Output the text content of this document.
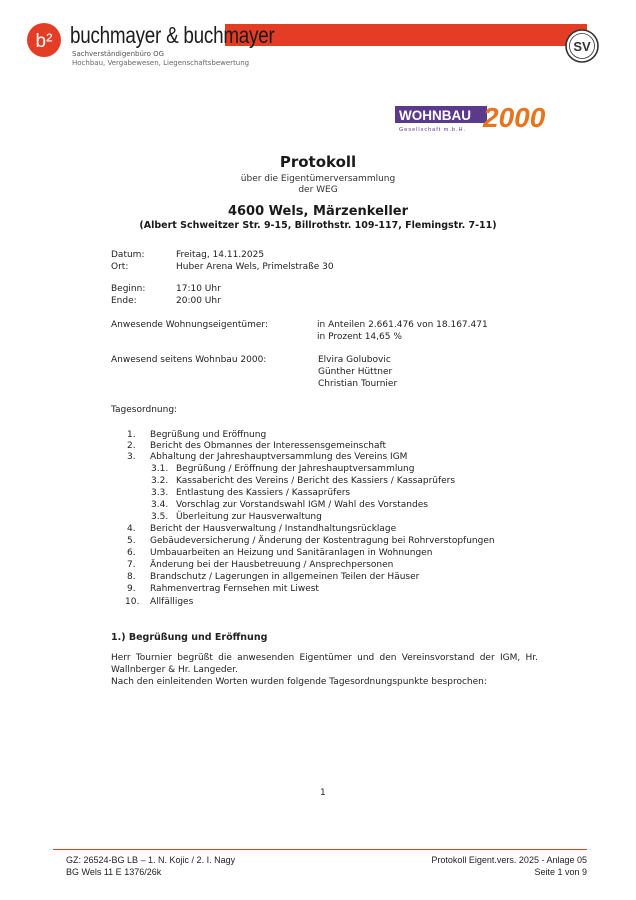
b² buchmayer & buchmayer
Sachverständigenbüro OG
Hochbau, Vergabewesen, Liegenschaftsbewertung
SV
WOHNBAU 2000
Gesellschaft m.b.H.
Protokoll
über die Eigentümerversammlung
der WEG
4600 Wels, Märzenkeller
(Albert Schweitzer Str. 9-15, Billrothstr. 109-117, Flemingstr. 7-11)
Datum:	Freitag, 14.11.2025
Ort:	Huber Arena Wels, Primelstraße 30
Beginn:	17:10 Uhr
Ende:	20:00 Uhr
Anwesende Wohnungseigentümer:	in Anteilen 2.661.476 von 18.167.471
in Prozent 14,65 %
Anwesend seitens Wohnbau 2000:	Elvira Golubovic
Günther Hüttner
Christian Tournier
Tagesordnung:
1. Begrüßung und Eröffnung
2. Bericht des Obmannes der Interessensgemeinschaft
3. Abhaltung der Jahreshauptversammlung des Vereins IGM
3.1. Begrüßung / Eröffnung der Jahreshauptversammlung
3.2. Kassabericht des Vereins / Bericht des Kassiers / Kassaprüfers
3.3. Entlastung des Kassiers / Kassaprüfers
3.4. Vorschlag zur Vorstandswahl IGM / Wahl des Vorstandes
3.5. Überleitung zur Hausverwaltung
4. Bericht der Hausverwaltung / Instandhaltungsrücklage
5. Gebäudeversicherung / Änderung der Kostentragung bei Rohrverstopfungen
6. Umbauarbeiten an Heizung und Sanitäranlagen in Wohnungen
7. Änderung bei der Hausbetreuung / Ansprechpersonen
8. Brandschutz / Lagerungen in allgemeinen Teilen der Häuser
9. Rahmenvertrag Fernsehen mit Liwest
10. Allfälliges
1.) Begrüßung und Eröffnung
Herr Tournier begrüßt die anwesenden Eigentümer und den Vereinsvorstand der IGM, Hr.
Wallnberger & Hr. Langeder.
Nach den einleitenden Worten wurden folgende Tagesordnungspunkte besprochen:
1
GZ: 26524-BG LB – 1. N. Kojic / 2. I. Nagy
BG Wels 11 E 1376/26k
Protokoll Eigent.vers. 2025 - Anlage 05
Seite 1 von 9
